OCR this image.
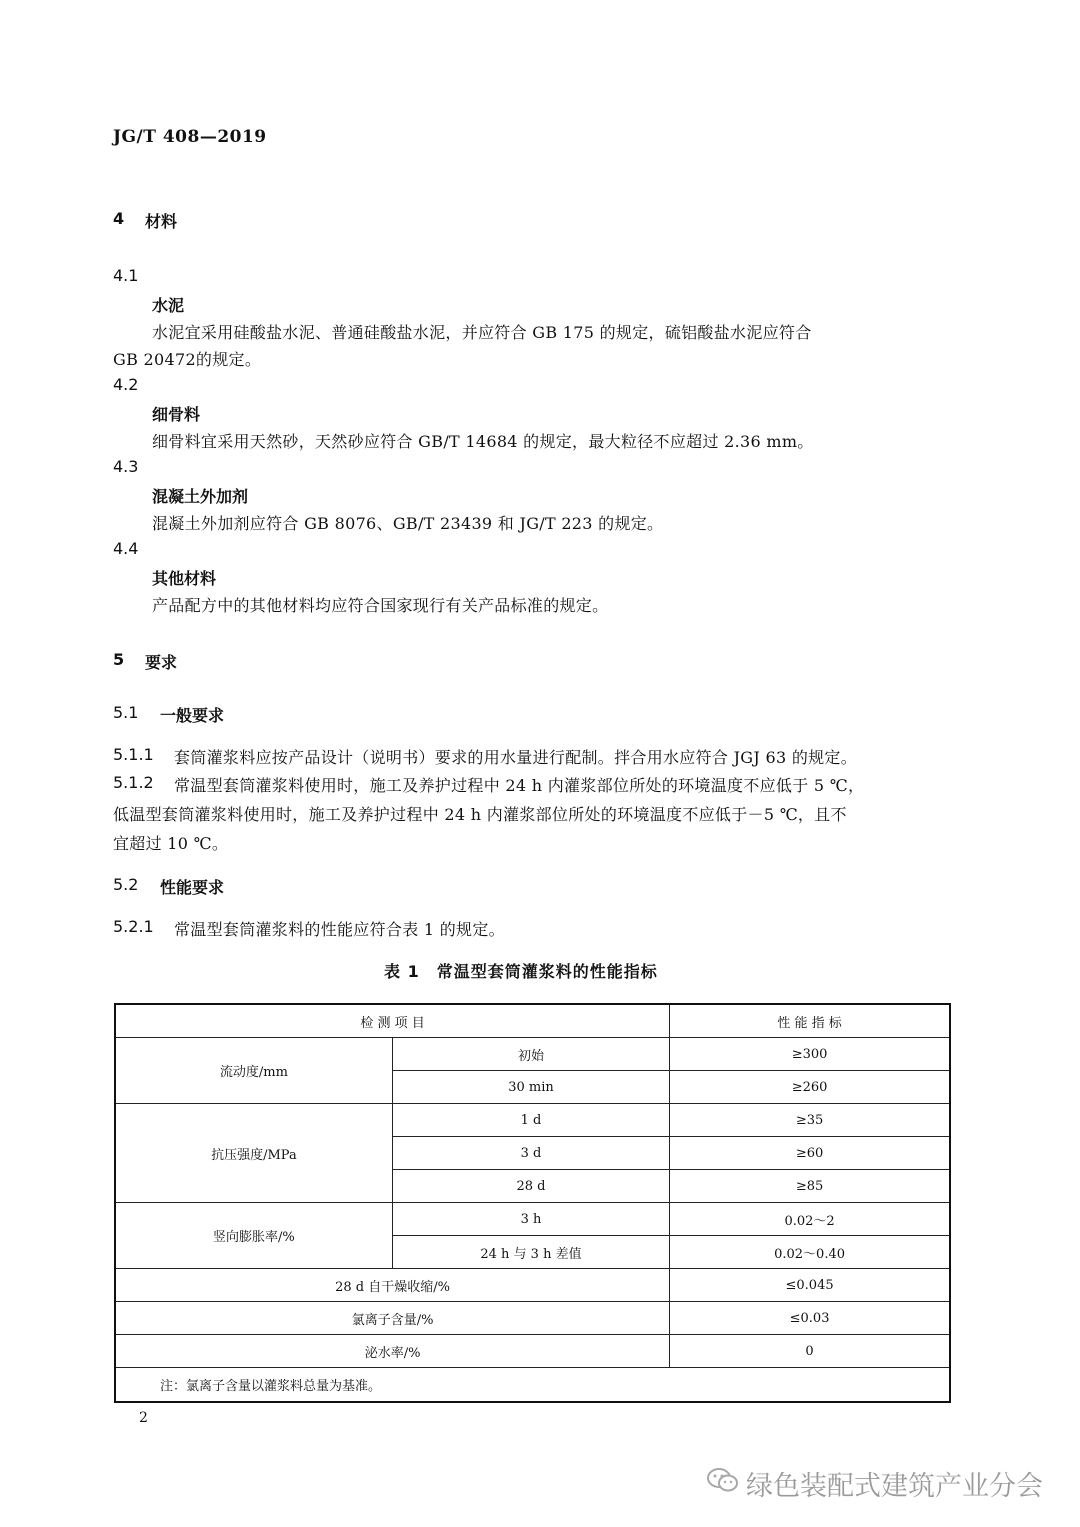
JG/T 408—2019
4 材料
4.1
水泥
水泥宜采用硅酸盐水泥、普通硅酸盐水泥，并应符合 GB 175 的规定，硫铝酸盐水泥应符合
GB 20472的规定。
4.2
细骨料
细骨料宜采用天然砂，天然砂应符合 GB/T 14684 的规定，最大粒径不应超过 2.36 mm。
4.3
混凝土外加剂
混凝土外加剂应符合 GB 8076、GB/T 23439 和 JG/T 223 的规定。
4.4
其他材料
产品配方中的其他材料均应符合国家现行有关产品标准的规定。
5 要求
5.1 一般要求
5.1.1 套筒灌浆料应按产品设计（说明书）要求的用水量进行配制。拌合用水应符合 JGJ 63 的规定。
5.1.2 常温型套筒灌浆料使用时，施工及养护过程中 24 h 内灌浆部位所处的环境温度不应低于 5 ℃，
低温型套筒灌浆料使用时，施工及养护过程中 24 h 内灌浆部位所处的环境温度不应低于－5 ℃，且不
宜超过 10 ℃。
5.2 性能要求
5.2.1 常温型套筒灌浆料的性能应符合表 1 的规定。
表 1　常温型套筒灌浆料的性能指标
检 测 项 目		性 能 指 标
流动度/mm	初始	≥300
	30 min	≥260
抗压强度/MPa	1 d	≥35
	3 d	≥60
	28 d	≥85
竖向膨胀率/%	3 h	0.02～2
	24 h 与 3 h 差值	0.02～0.40
28 d 自干燥收缩/%		≤0.045
氯离子含量/%		≤0.03
泌水率/%		0
注：氯离子含量以灌浆料总量为基准。		
2
绿色装配式建筑产业分会
